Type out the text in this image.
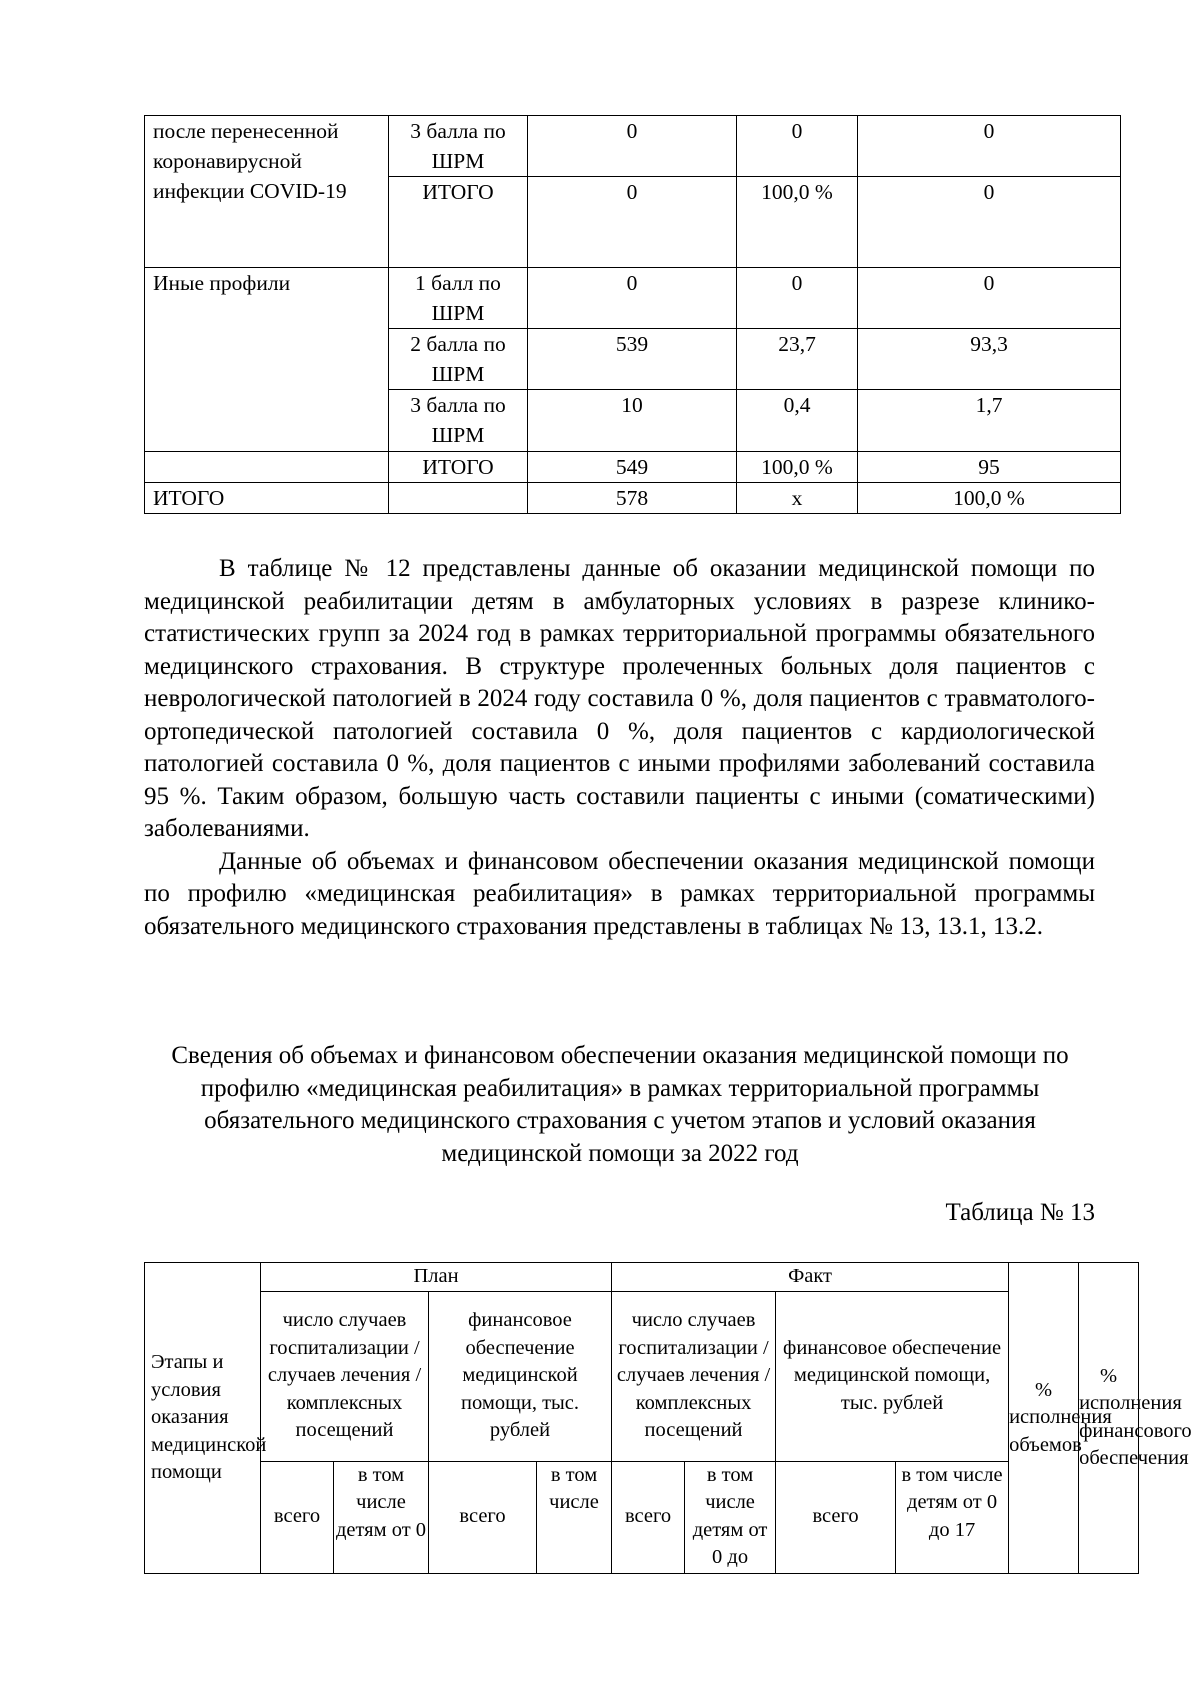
после перенесенной коронавирусной инфекции COVID-19	3 балла по ШРМ	0	0	0
	ИТОГО	0	100,0 %	0
Иные профили	1 балл по ШРМ	0	0	0
	2 балла по ШРМ	539	23,7	93,3
	3 балла по ШРМ	10	0,4	1,7
	ИТОГО	549	100,0 %	95
ИТОГО		578	x	100,0 %

В таблице № 12 представлены данные об оказании медицинской помощи по медицинской реабилитации детям в амбулаторных условиях в разрезе клинико-статистических групп за 2024 год в рамках территориальной программы обязательного медицинского страхования. В структуре пролеченных больных доля пациентов с неврологической патологией в 2024 году составила 0 %, доля пациентов с травматолого-ортопедической патологией составила 0 %, доля пациентов с кардиологической патологией составила 0 %, доля пациентов с иными профилями заболеваний составила 95 %. Таким образом, большую часть составили пациенты с иными (соматическими) заболеваниями.

Данные об объемах и финансовом обеспечении оказания медицинской помощи по профилю «медицинская реабилитация» в рамках территориальной программы обязательного медицинского страхования представлены в таблицах № 13, 13.1, 13.2.

Сведения об объемах и финансовом обеспечении оказания медицинской помощи по профилю «медицинская реабилитация» в рамках территориальной программы обязательного медицинского страхования с учетом этапов и условий оказания медицинской помощи за 2022 год
Таблица № 13
Этапы и условия оказания медицинской помощи	План				Факт				% исполнения объемов	% исполнения финансового обеспечения
	число случаев госпитализации / случаев лечения / комплексных посещений		финансовое обеспечение медицинской помощи, тыс. рублей		число случаев госпитализации / случаев лечения / комплексных посещений		финансовое обеспечение медицинской помощи, тыс. рублей			
	всего	в том числе детям от 0	всего	в том числе	всего	в том числе детям от 0 до	всего	в том числе детям от 0 до 17		
